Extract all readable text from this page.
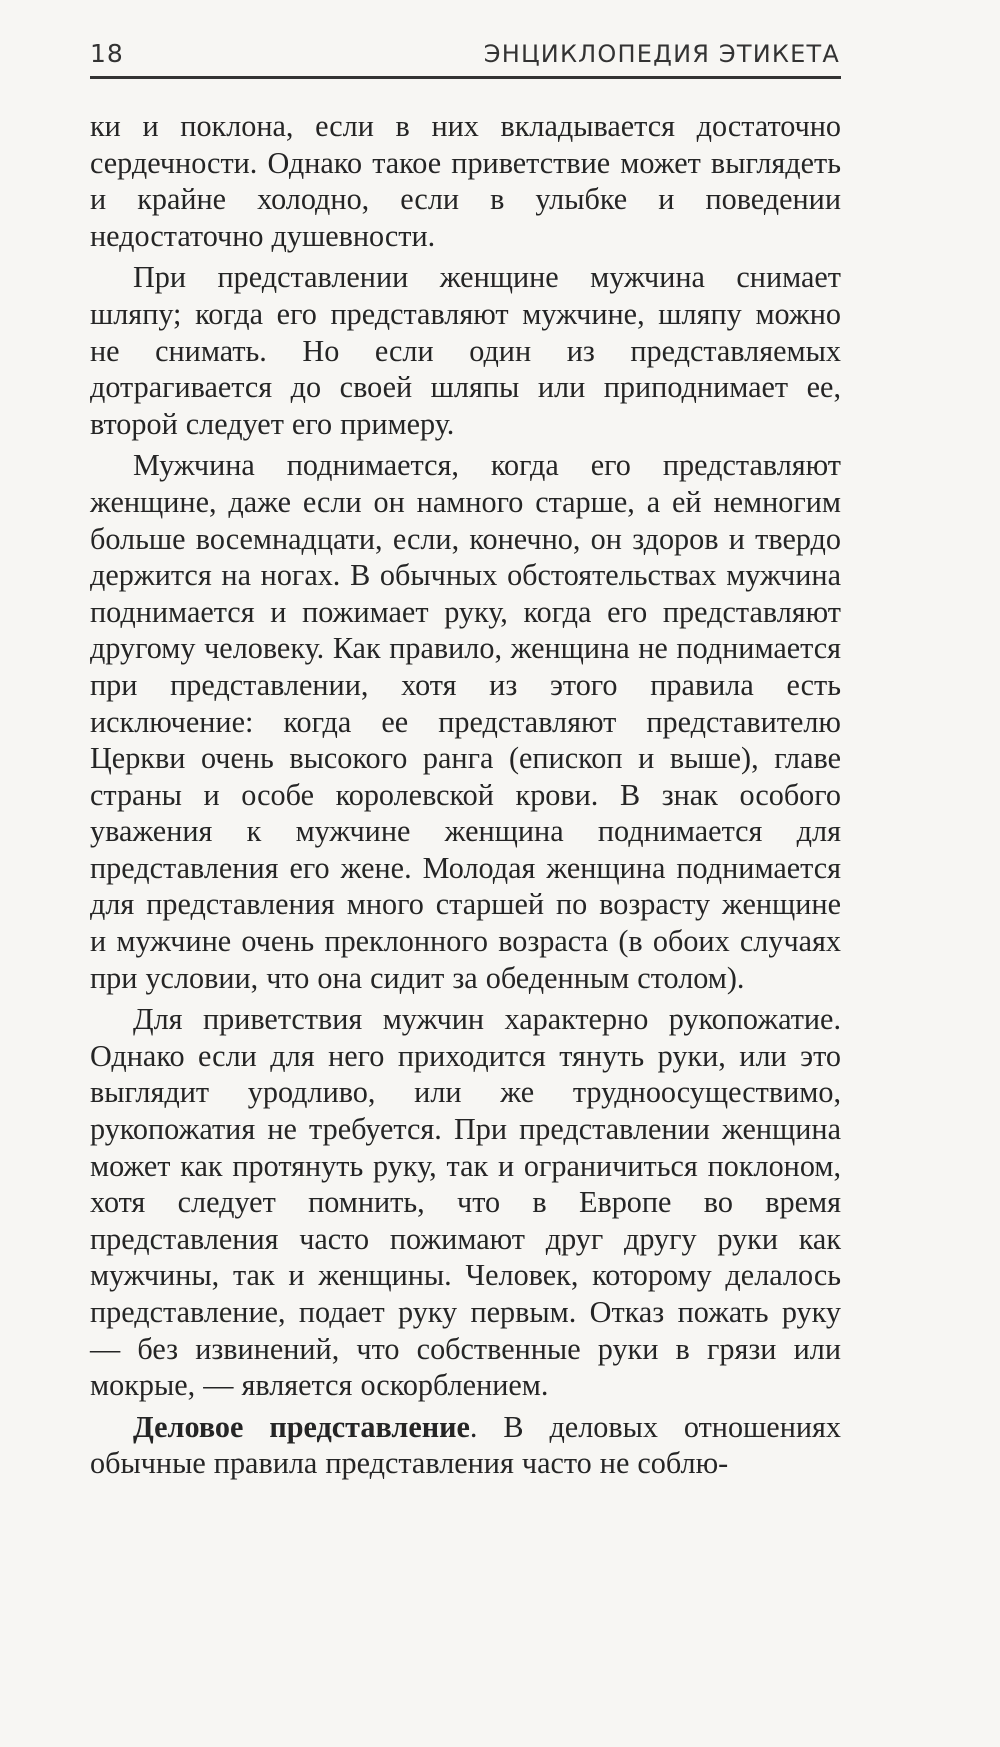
18	ЭНЦИКЛОПЕДИЯ ЭТИКЕТА

ки и поклона, если в них вкладывается достаточно сердечности. Однако такое приветствие может выглядеть и крайне холодно, если в улыбке и поведении недостаточно душевности.

При представлении женщине мужчина снимает шляпу; когда его представляют мужчине, шляпу можно не снимать. Но если один из представляемых дотрагивается до своей шляпы или приподнимает ее, второй следует его примеру.

Мужчина поднимается, когда его представляют женщине, даже если он намного старше, а ей немногим больше восемнадцати, если, конечно, он здоров и твердо держится на ногах. В обычных обстоятельствах мужчина поднимается и пожимает руку, когда его представляют другому человеку. Как правило, женщина не поднимается при представлении, хотя из этого правила есть исключение: когда ее представляют представителю Церкви очень высокого ранга (епископ и выше), главе страны и особе королевской крови. В знак особого уважения к мужчине женщина поднимается для представления его жене. Молодая женщина поднимается для представления много старшей по возрасту женщине и мужчине очень преклонного возраста (в обоих случаях при условии, что она сидит за обеденным столом).

Для приветствия мужчин характерно рукопожатие. Однако если для него приходится тянуть руки, или это выглядит уродливо, или же трудноосуществимо, рукопожатия не требуется. При представлении женщина может как протянуть руку, так и ограничиться поклоном, хотя следует помнить, что в Европе во время представления часто пожимают друг другу руки как мужчины, так и женщины. Человек, которому делалось представление, подает руку первым. Отказ пожать руку — без извинений, что собственные руки в грязи или мокрые, — является оскорблением.

Деловое представление. В деловых отношениях обычные правила представления часто не соблю-
